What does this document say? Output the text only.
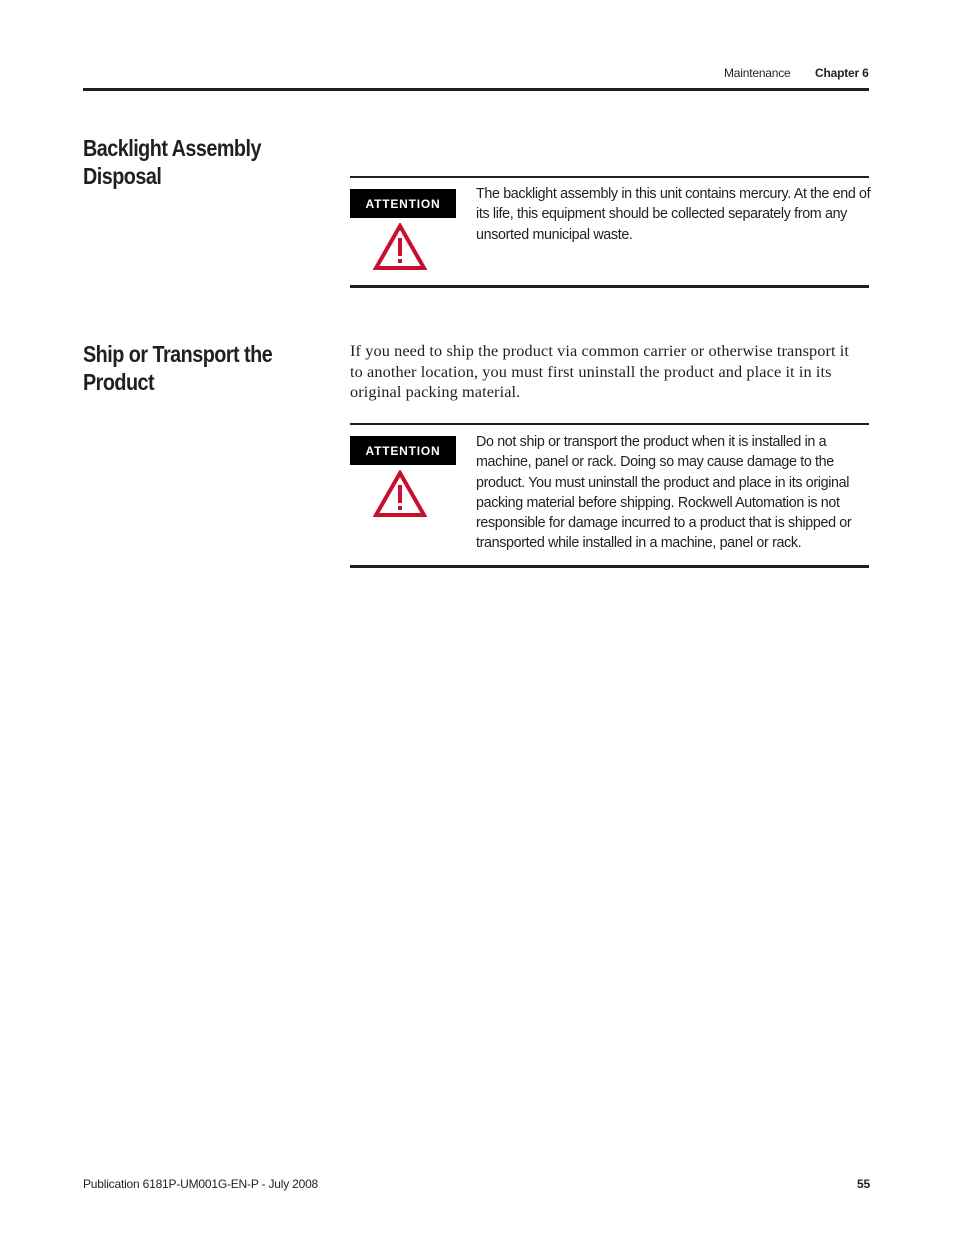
Maintenance Chapter 6
Backlight Assembly Disposal
ATTENTION

The backlight assembly in this unit contains mercury. At the end of its life, this equipment should be collected separately from any unsorted municipal waste.

Ship or Transport the Product

If you need to ship the product via common carrier or otherwise transport it to another location, you must first uninstall the product and place it in its original packing material.

ATTENTION

Do not ship or transport the product when it is installed in a machine, panel or rack. Doing so may cause damage to the product. You must uninstall the product and place in its original packing material before shipping. Rockwell Automation is not responsible for damage incurred to a product that is shipped or transported while installed in a machine, panel or rack.

Publication 6181P-UM001G-EN-P - July 2008	55
